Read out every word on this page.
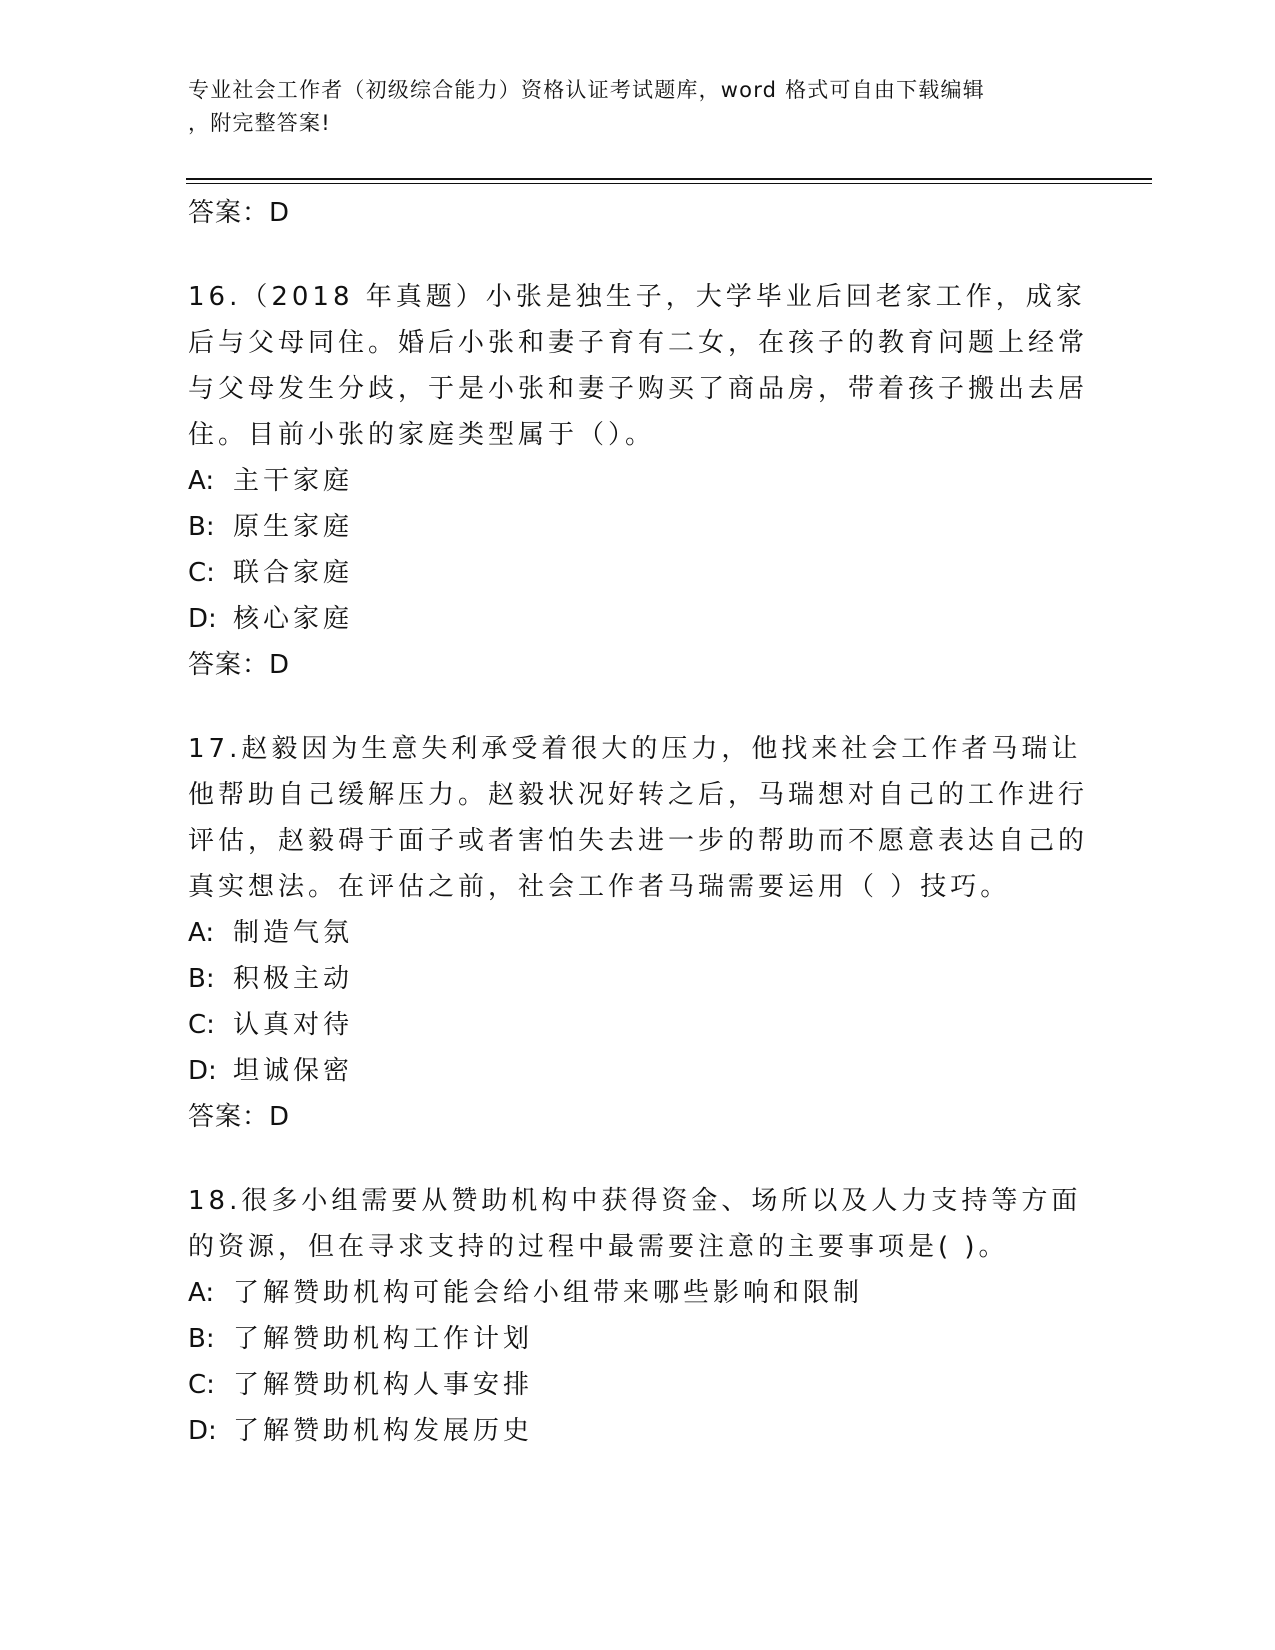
专业社会工作者（初级综合能力）资格认证考试题库，word 格式可自由下载编辑
，附完整答案!
答案：D
16.（2018 年真题）小张是独生子，大学毕业后回老家工作，成家后与父母同住。婚后小张和妻子育有二女，在孩子的教育问题上经常与父母发生分歧，于是小张和妻子购买了商品房，带着孩子搬出去居住。目前小张的家庭类型属于（）。
A: 主干家庭
B: 原生家庭
C: 联合家庭
D: 核心家庭
答案：D
17.赵毅因为生意失利承受着很大的压力，他找来社会工作者马瑞让他帮助自己缓解压力。赵毅状况好转之后，马瑞想对自己的工作进行评估，赵毅碍于面子或者害怕失去进一步的帮助而不愿意表达自己的真实想法。在评估之前，社会工作者马瑞需要运用（ ）技巧。
A: 制造气氛
B: 积极主动
C: 认真对待
D: 坦诚保密
答案：D
18.很多小组需要从赞助机构中获得资金、场所以及人力支持等方面的资源，但在寻求支持的过程中最需要注意的主要事项是( )。
A: 了解赞助机构可能会给小组带来哪些影响和限制
B: 了解赞助机构工作计划
C: 了解赞助机构人事安排
D: 了解赞助机构发展历史
